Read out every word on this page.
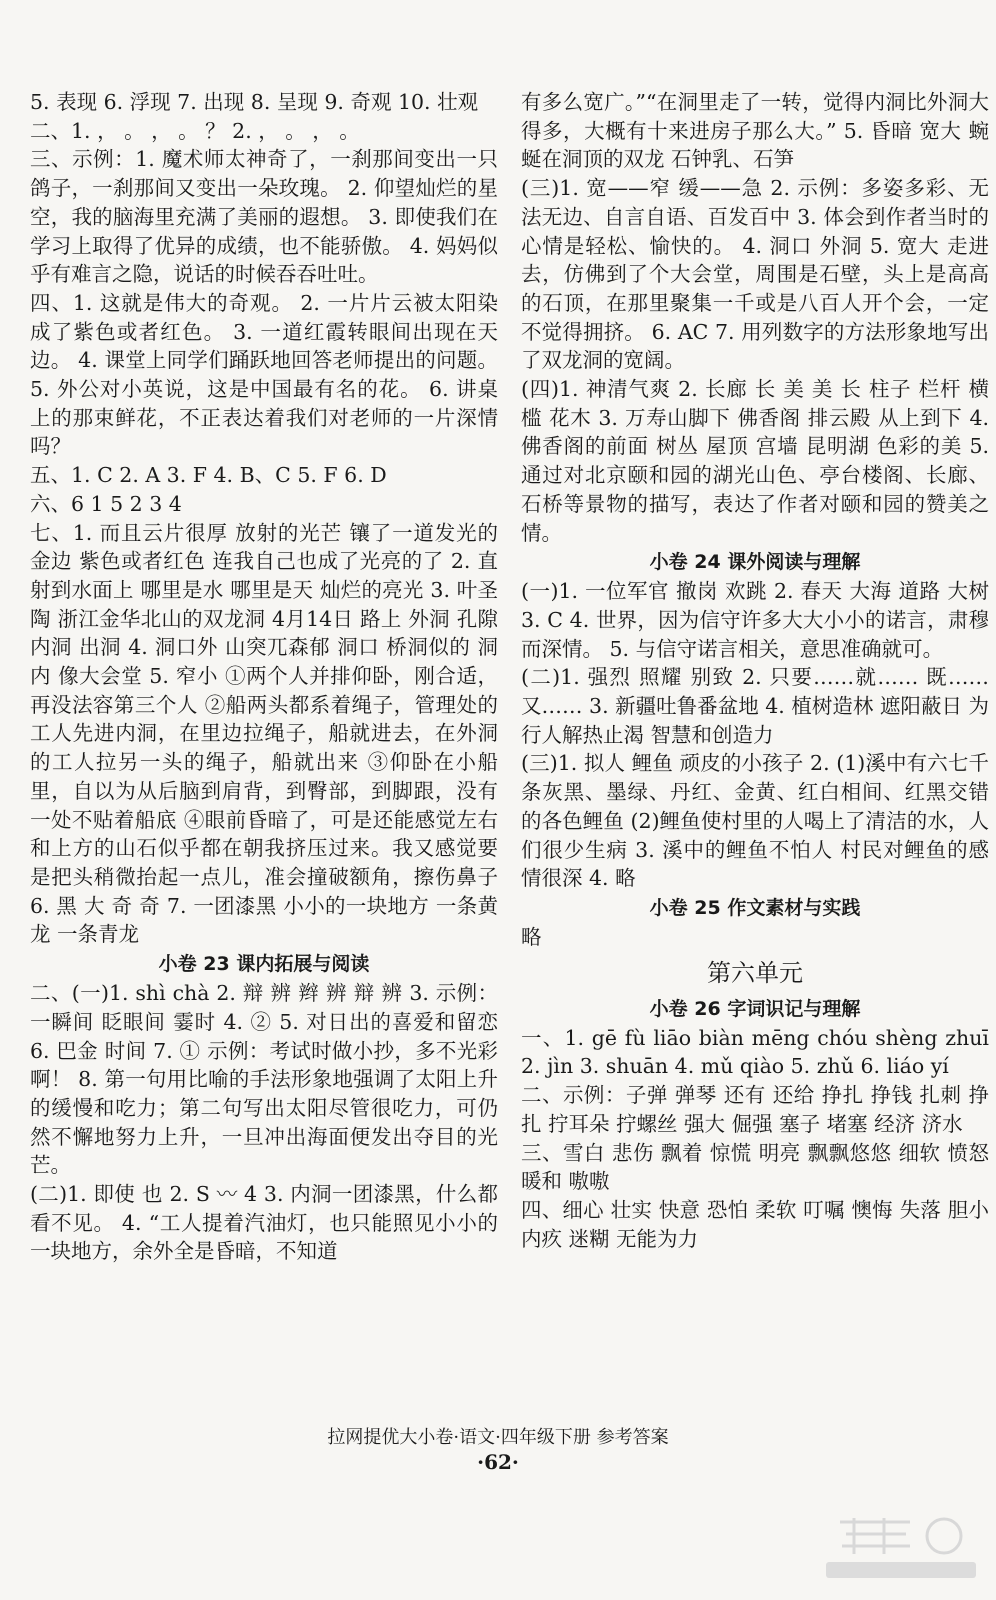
5. 表现 6. 浮现 7. 出现 8. 呈现 9. 奇观 10. 壮观

二、1. ， 。 ， 。 ？ 2. ， 。 ， 。

三、示例：1. 魔术师太神奇了，一刹那间变出一只鸽子，一刹那间又变出一朵玫瑰。 2. 仰望灿烂的星空，我的脑海里充满了美丽的遐想。 3. 即使我们在学习上取得了优异的成绩，也不能骄傲。 4. 妈妈似乎有难言之隐，说话的时候吞吞吐吐。

四、1. 这就是伟大的奇观。 2. 一片片云被太阳染成了紫色或者红色。 3. 一道红霞转眼间出现在天边。 4. 课堂上同学们踊跃地回答老师提出的问题。 5. 外公对小英说，这是中国最有名的花。 6. 讲桌上的那束鲜花，不正表达着我们对老师的一片深情吗？

五、1. C 2. A 3. F 4. B、C 5. F 6. D

六、6 1 5 2 3 4

七、1. 而且云片很厚 放射的光芒 镶了一道发光的金边 紫色或者红色 连我自己也成了光亮的了 2. 直射到水面上 哪里是水 哪里是天 灿烂的亮光 3. 叶圣陶 浙江金华北山的双龙洞 4月14日 路上 外洞 孔隙 内洞 出洞 4. 洞口外 山突兀森郁 洞口 桥洞似的 洞内 像大会堂 5. 窄小 ①两个人并排仰卧，刚合适，再没法容第三个人 ②船两头都系着绳子，管理处的工人先进内洞，在里边拉绳子，船就进去，在外洞的工人拉另一头的绳子，船就出来 ③仰卧在小船里，自以为从后脑到肩背，到臀部，到脚跟，没有一处不贴着船底 ④眼前昏暗了，可是还能感觉左右和上方的山石似乎都在朝我挤压过来。我又感觉要是把头稍微抬起一点儿，准会撞破额角，擦伤鼻子 6. 黑 大 奇 奇 7. 一团漆黑 小小的一块地方 一条黄龙 一条青龙

小卷 23 课内拓展与阅读

二、(一)1. shì chà 2. 辩 辨 辫 辨 辩 辨 3. 示例：一瞬间 眨眼间 霎时 4. ② 5. 对日出的喜爱和留恋 6. 巴金 时间 7. ① 示例：考试时做小抄，多不光彩啊！ 8. 第一句用比喻的手法形象地强调了太阳上升的缓慢和吃力；第二句写出太阳尽管很吃力，可仍然不懈地努力上升，一旦冲出海面便发出夺目的光芒。

(二)1. 即使 也 2. S 〰 4 3. 内洞一团漆黑，什么都看不见。 4. “工人提着汽油灯，也只能照见小小的一块地方，余外全是昏暗，不知道

有多么宽广。”“在洞里走了一转，觉得内洞比外洞大得多，大概有十来进房子那么大。” 5. 昏暗 宽大 蜿蜒在洞顶的双龙 石钟乳、石笋

(三)1. 宽——窄 缓——急 2. 示例：多姿多彩、无法无边、自言自语、百发百中 3. 体会到作者当时的心情是轻松、愉快的。 4. 洞口 外洞 5. 宽大 走进去，仿佛到了个大会堂，周围是石壁，头上是高高的石顶，在那里聚集一千或是八百人开个会，一定不觉得拥挤。 6. AC 7. 用列数字的方法形象地写出了双龙洞的宽阔。

(四)1. 神清气爽 2. 长廊 长 美 美 长 柱子 栏杆 横槛 花木 3. 万寿山脚下 佛香阁 排云殿 从上到下 4. 佛香阁的前面 树丛 屋顶 宫墙 昆明湖 色彩的美 5. 通过对北京颐和园的湖光山色、亭台楼阁、长廊、石桥等景物的描写，表达了作者对颐和园的赞美之情。

小卷 24 课外阅读与理解

(一)1. 一位军官 撤岗 欢跳 2. 春天 大海 道路 大树 3. C 4. 世界，因为信守许多大大小小的诺言，肃穆而深情。 5. 与信守诺言相关，意思准确就可。

(二)1. 强烈 照耀 别致 2. 只要……就…… 既……又…… 3. 新疆吐鲁番盆地 4. 植树造林 遮阳蔽日 为行人解热止渴 智慧和创造力

(三)1. 拟人 鲤鱼 顽皮的小孩子 2. (1)溪中有六七千条灰黑、墨绿、丹红、金黄、红白相间、红黑交错的各色鲤鱼 (2)鲤鱼使村里的人喝上了清洁的水，人们很少生病 3. 溪中的鲤鱼不怕人 村民对鲤鱼的感情很深 4. 略

小卷 25 作文素材与实践

略

第六单元

小卷 26 字词识记与理解

一、1. gē fù liāo biàn mēng chóu shèng zhuī 2. jìn 3. shuān 4. mǔ qiào 5. zhǔ 6. liáo yí

二、示例：子弹 弹琴 还有 还给 挣扎 挣钱 扎刺 挣扎 拧耳朵 拧螺丝 强大 倔强 塞子 堵塞 经济 济水

三、雪白 悲伤 飘着 惊慌 明亮 飘飘悠悠 细软 愤怒 暖和 嗷嗷

四、细心 壮实 快意 恐怕 柔软 叮嘱 懊悔 失落 胆小 内疚 迷糊 无能为力

拉网提优大小卷·语文·四年级下册 参考答案
·62·
